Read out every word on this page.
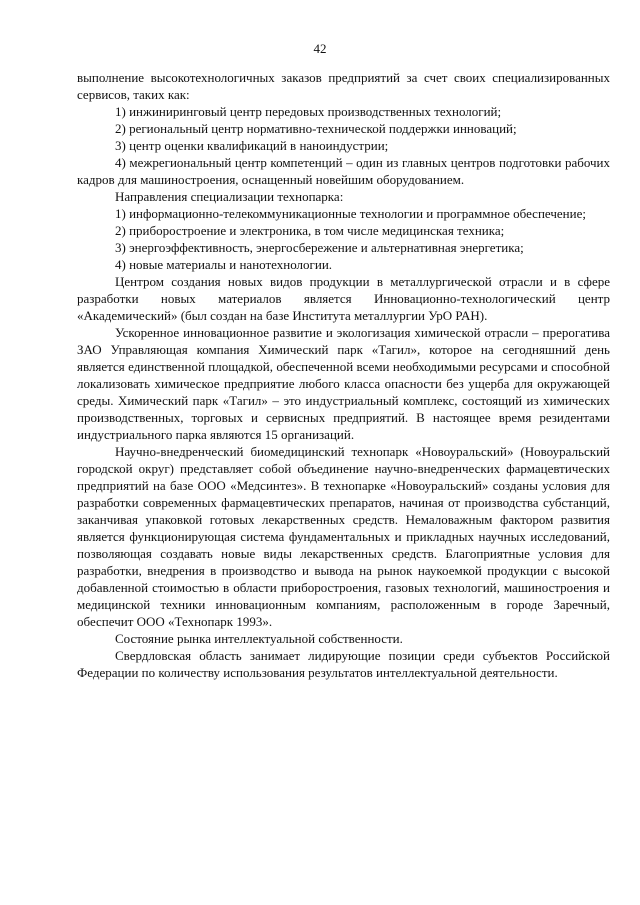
42

выполнение высокотехнологичных заказов предприятий за счет своих специализированных сервисов, таких как:

1) инжиниринговый центр передовых производственных технологий;

2) региональный центр нормативно-технической поддержки инноваций;

3) центр оценки квалификаций в наноиндустрии;

4) межрегиональный центр компетенций – один из главных центров подготовки рабочих кадров для машиностроения, оснащенный новейшим оборудованием.

Направления специализации технопарка:

1) информационно-телекоммуникационные технологии и программное обеспечение;

2) приборостроение и электроника, в том числе медицинская техника;

3) энергоэффективность, энергосбережение и альтернативная энергетика;

4) новые материалы и нанотехнологии.

Центром создания новых видов продукции в металлургической отрасли и в сфере разработки новых материалов является Инновационно-технологический центр «Академический» (был создан на базе Института металлургии УрО РАН).

Ускоренное инновационное развитие и экологизация химической отрасли – прерогатива ЗАО Управляющая компания Химический парк «Тагил», которое на сегодняшний день является единственной площадкой, обеспеченной всеми необходимыми ресурсами и способной локализовать химическое предприятие любого класса опасности без ущерба для окружающей среды. Химический парк «Тагил» – это индустриальный комплекс, состоящий из химических производственных, торговых и сервисных предприятий. В настоящее время резидентами индустриального парка являются 15 организаций.

Научно-внедренческий биомедицинский технопарк «Новоуральский» (Новоуральский городской округ) представляет собой объединение научно-внедренческих фармацевтических предприятий на базе ООО «Медсинтез». В технопарке «Новоуральский» созданы условия для разработки современных фармацевтических препаратов, начиная от производства субстанций, заканчивая упаковкой готовых лекарственных средств. Немаловажным фактором развития является функционирующая система фундаментальных и прикладных научных исследований, позволяющая создавать новые виды лекарственных средств. Благоприятные условия для разработки, внедрения в производство и вывода на рынок наукоемкой продукции с высокой добавленной стоимостью в области приборостроения, газовых технологий, машиностроения и медицинской техники инновационным компаниям, расположенным в городе Заречный, обеспечит ООО «Технопарк 1993».

Состояние рынка интеллектуальной собственности.

Свердловская область занимает лидирующие позиции среди субъектов Российской Федерации по количеству использования результатов интеллектуальной деятельности.
